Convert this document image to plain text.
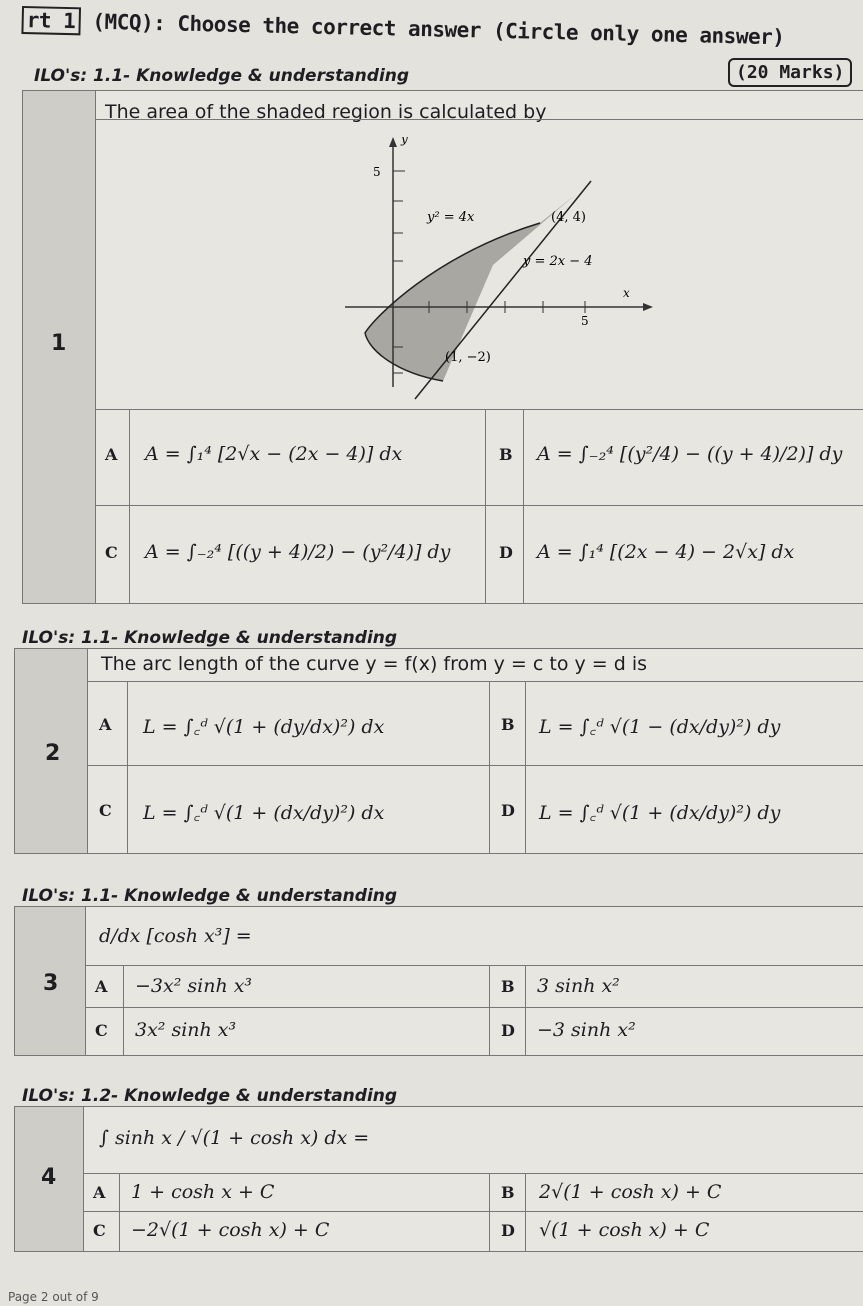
rt 1 (MCQ): Choose the correct answer (Circle only one answer)
(20 Marks)
ILO's: 1.1- Knowledge & understanding
1
The area of the shaded region is calculated by
y
x
5
5
y² = 4x
y = 2x − 4
(4, 4)
(1, −2)
A A = ∫₁⁴ [2√x − (2x − 4)] dx	B A = ∫₋₂⁴ [(y²/4) − ((y + 4)/2)] dy
C A = ∫₋₂⁴ [((y + 4)/2) − (y²/4)] dy	D A = ∫₁⁴ [(2x − 4) − 2√x] dx
ILO's: 1.1- Knowledge & understanding
2
The arc length of the curve y = f(x) from y = c to y = d is
A L = ∫꜀ᵈ √(1 + (dy/dx)²) dx	B L = ∫꜀ᵈ √(1 − (dx/dy)²) dy
C L = ∫꜀ᵈ √(1 + (dx/dy)²) dx	D L = ∫꜀ᵈ √(1 + (dx/dy)²) dy
ILO's: 1.1- Knowledge & understanding
3
d/dx [cosh x³] =
A −3x² sinh x³	B 3 sinh x²
C 3x² sinh x³	D −3 sinh x²
ILO's: 1.2- Knowledge & understanding
4
∫ sinh x / √(1 + cosh x) dx =
A 1 + cosh x + C	B 2√(1 + cosh x) + C
C −2√(1 + cosh x) + C	D √(1 + cosh x) + C
Page 2 out of 9
